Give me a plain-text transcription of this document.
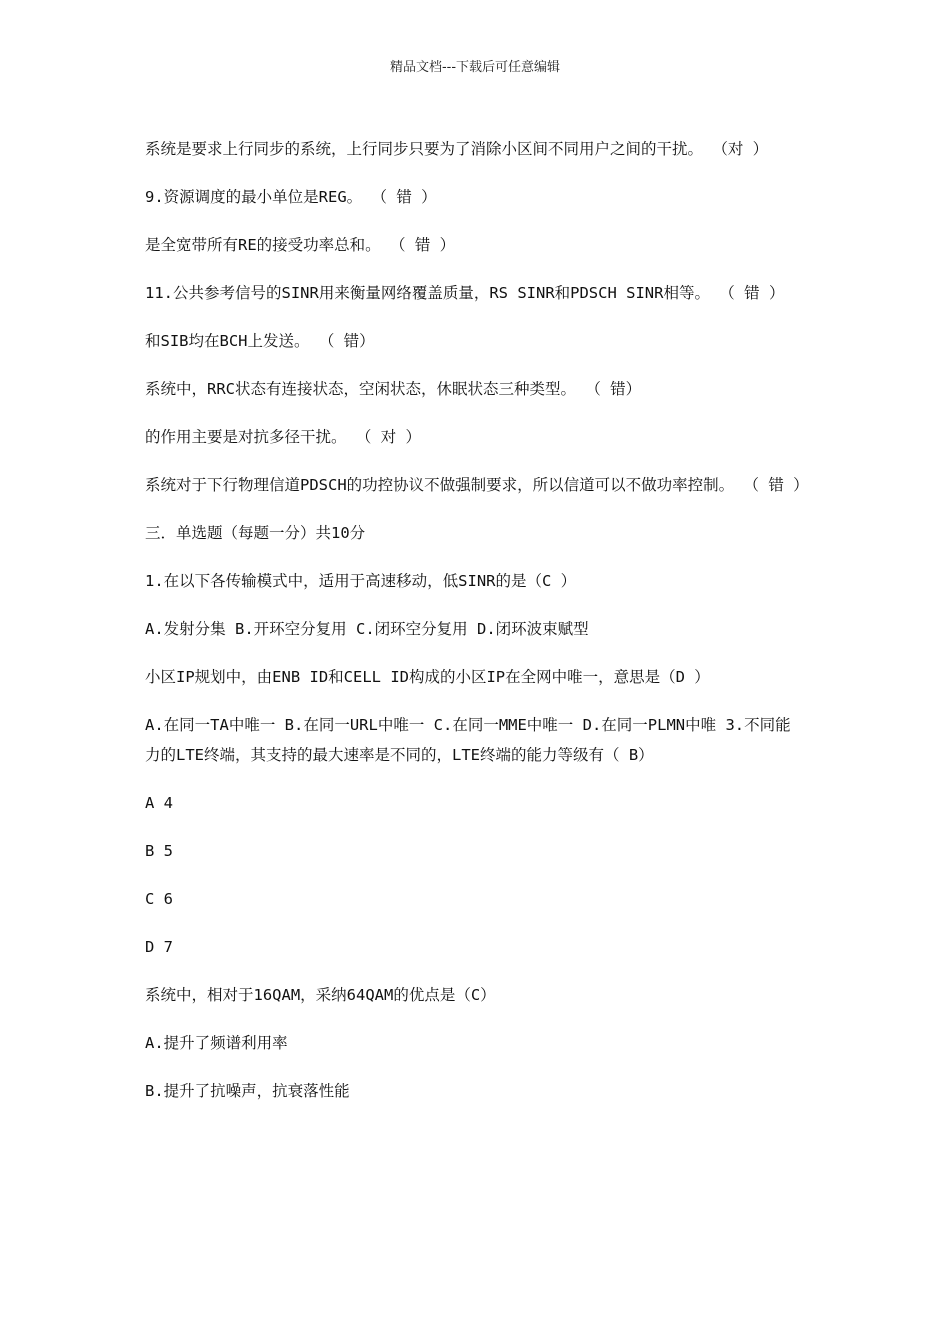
精品文档---下载后可任意编辑

系统是要求上行同步的系统，上行同步只要为了消除小区间不同用户之间的干扰。 （对 ）

9.资源调度的最小单位是REG。 （ 错 ）

是全宽带所有RE的接受功率总和。 （ 错 ）

11.公共参考信号的SINR用来衡量网络覆盖质量，RS SINR和PDSCH SINR相等。 （ 错 ）

和SIB均在BCH上发送。 （ 错）

系统中，RRC状态有连接状态，空闲状态，休眠状态三种类型。 （ 错）

的作用主要是对抗多径干扰。 （ 对 ）

系统对于下行物理信道PDSCH的功控协议不做强制要求，所以信道可以不做功率控制。 （ 错 ）

三．单选题（每题一分）共10分

1.在以下各传输模式中，适用于高速移动，低SINR的是（C ）

A.发射分集 B.开环空分复用 C.闭环空分复用 D.闭环波束赋型

小区IP规划中，由ENB ID和CELL ID构成的小区IP在全网中唯一，意思是（D ）

A.在同一TA中唯一 B.在同一URL中唯一 C.在同一MME中唯一 D.在同一PLMN中唯 3.不同能力的LTE终端，其支持的最大速率是不同的，LTE终端的能力等级有（ B）

A 4

B 5

C 6

D 7

系统中，相对于16QAM，采纳64QAM的优点是（C）

A.提升了频谱利用率

B.提升了抗噪声，抗衰落性能
